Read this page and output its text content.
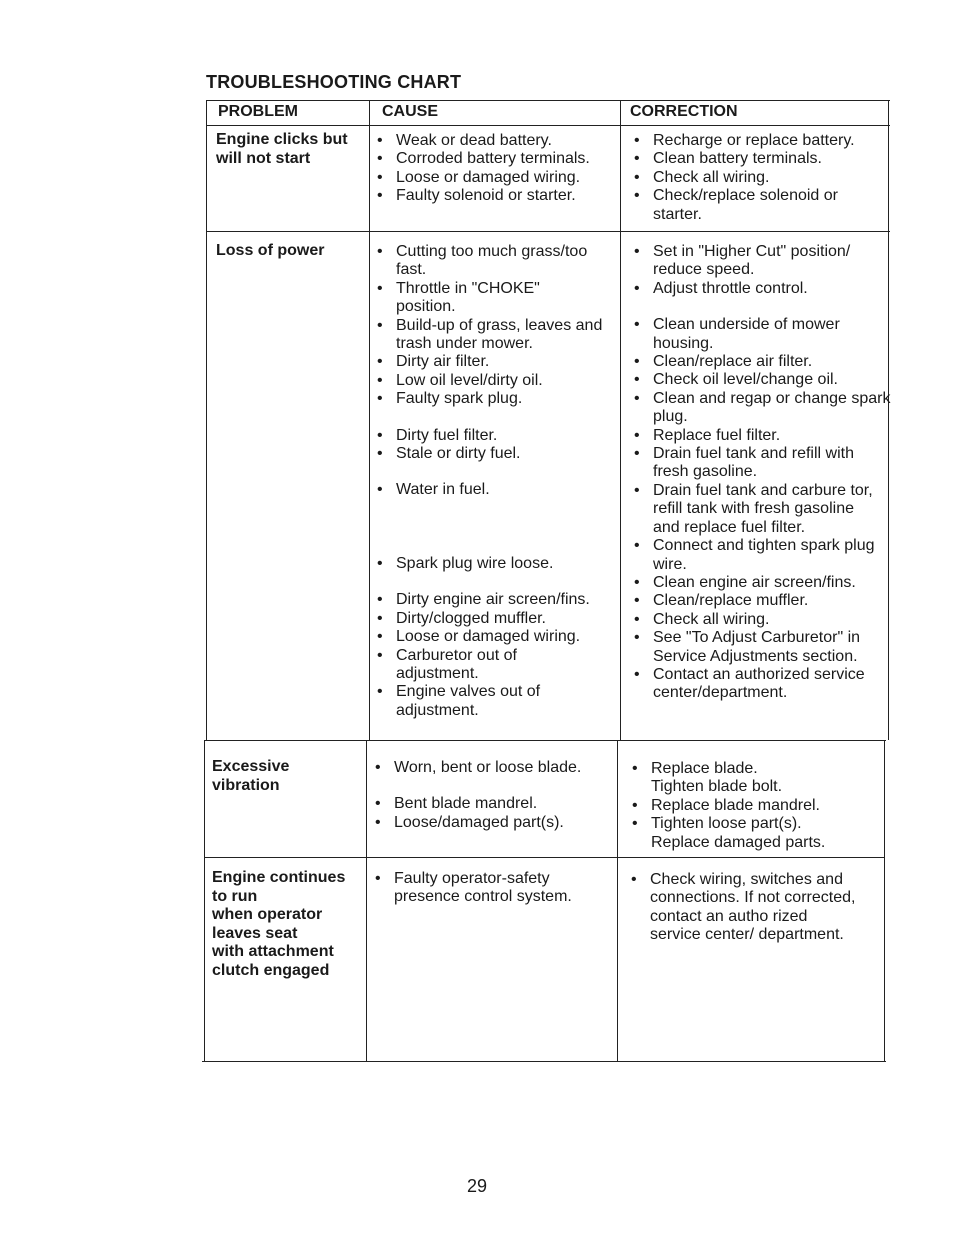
TROUBLESHOOTING CHART
PROBLEM	CAUSE	CORRECTION
Engine clicks but
will not start
• Weak or dead battery.
• Corroded battery terminals.
• Loose or damaged wiring.
• Faulty solenoid or starter.
• Recharge or replace battery.
• Clean battery terminals.
• Check all wiring.
• Check/replace solenoid or starter.
Loss of power
•	Cutting too much grass/too fast.
• Throttle in "CHOKE" position.
• Build-up of grass, leaves and trash under mower.
• Dirty air filter.
• Low oil level/dirty oil.
• Faulty spark plug.
• Dirty fuel filter.
• Stale or dirty fuel.
• Water in fuel.
• Spark plug wire loose.
• Dirty engine air screen/fins.
• Dirty/clogged muffler.
• Loose or damaged wiring.
• Carburetor out of adjustment.
• Engine valves out of adjustment.
• Set in "Higher Cut" position/ reduce speed.
• Adjust throttle control.
• Clean underside of mower housing.
• Clean/replace air filter.
• Check oil level/change oil.
• Clean and regap or change spark plug.
• Replace fuel filter.
• Drain fuel tank and refill with fresh gasoline.
• Drain fuel tank and carbure tor, refill tank with fresh gasoline and replace fuel filter.
• Connect and tighten spark plug wire.
• Clean engine air screen/fins.
• Clean/replace muffler.
• Check all wiring.
• See "To Adjust Carburetor" in Service Adjustments section.
• Contact an authorized service center/department.
Excessive
vibration
• Worn, bent or loose blade.
• Bent blade mandrel.
• Loose/damaged part(s).
• Replace blade.
Tighten blade bolt.
• Replace blade mandrel.
• Tighten loose part(s).
Replace damaged parts.
Engine continues
to run
when operator
leaves seat
with attachment
clutch engaged
• Faulty operator-safety presence control system.
• Check wiring, switches and connections. If not corrected, contact an autho rized service center/ department.
29
